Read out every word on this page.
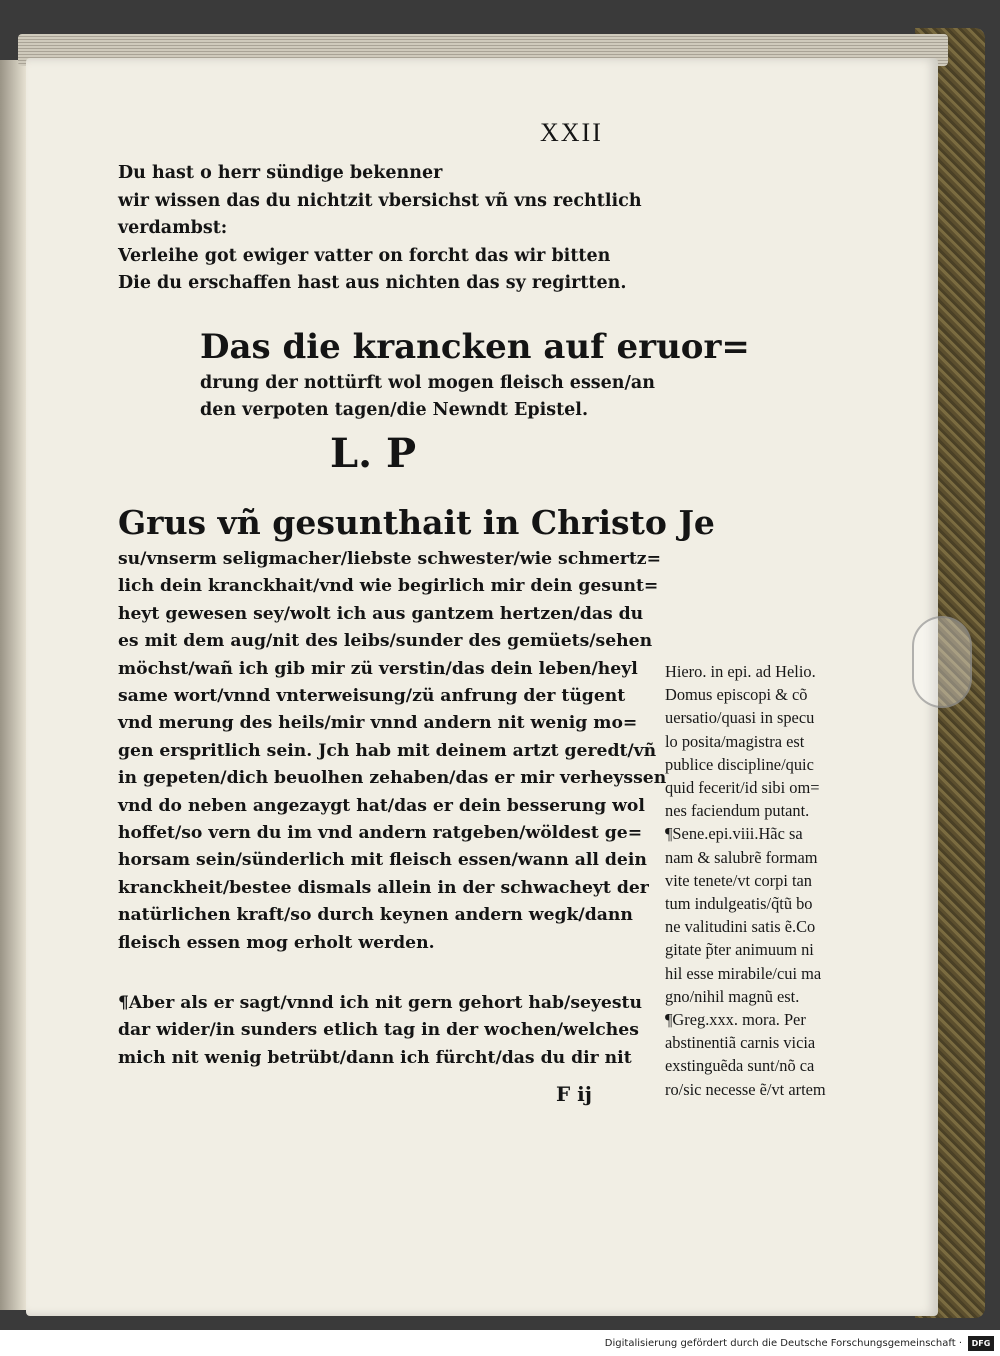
XXII
Du hast o herr sündige bekenner
wir wissen das du nichtzit vbersichst vñ vns rechtlich
verdambst:
Verleihe got ewiger vatter on forcht das wir bitten
Die du erschaffen hast aus nichten das sy regirtten.
Das die krancken auf eruor=
drung der nottürft wol mogen fleisch essen/an
den verpoten tagen/die Newndt Epistel.
L. P
Grus vñ gesunthait in Christo Je
su/vnserm seligmacher/liebste schwester/wie schmertz=
lich dein kranckhait/vnd wie begirlich mir dein gesunt=
heyt gewesen sey/wolt ich aus gantzem hertzen/das du
es mit dem aug/nit des leibs/sunder des gemüets/sehen
möchst/wañ ich gib mir zü verstin/das dein leben/heyl
same wort/vnnd vnterweisung/zü anfrung der tügent
vnd merung des heils/mir vnnd andern nit wenig mo=
gen erspritlich sein. Jch hab mit deinem artzt geredt/vñ
in gepeten/dich beuolhen zehaben/das er mir verheyssen
vnd do neben angezaygt hat/das er dein besserung wol
hoffet/so vern du im vnd andern ratgeben/wöldest ge=
horsam sein/sünderlich mit fleisch essen/wann all dein
kranckheit/bestee dismals allein in der schwacheyt der
natürlichen kraft/so durch keynen andern wegk/dann
fleisch essen mog erholt werden.
¶Aber als er sagt/vnnd ich nit gern gehort hab/seyestu
dar wider/in sunders etlich tag in der wochen/welches
mich nit wenig betrübt/dann ich fürcht/das du dir nit
F ij
Hiero. in epi. ad Helio.
Domus episcopi & cõ
uersatio/quasi in specu
lo posita/magistra est
publice discipline/quic
quid fecerit/id sibi om=
nes faciendum putant.
¶Sene.epi.viii.Hãc sa
nam & salubrẽ formam
vite tenete/vt corpi tan
tum indulgeatis/q̃tũ bo
ne valitudini satis ẽ.Co
gitate p̃ter animuum ni
hil esse mirabile/cui ma
gno/nihil magnũ est.
¶Greg.xxx. mora. Per
abstinentiã carnis vicia
exstinguẽda sunt/nõ ca
ro/sic necesse ẽ/vt artem
Digitalisierung gefördert durch die Deutsche Forschungsgemeinschaft ·	DFG
